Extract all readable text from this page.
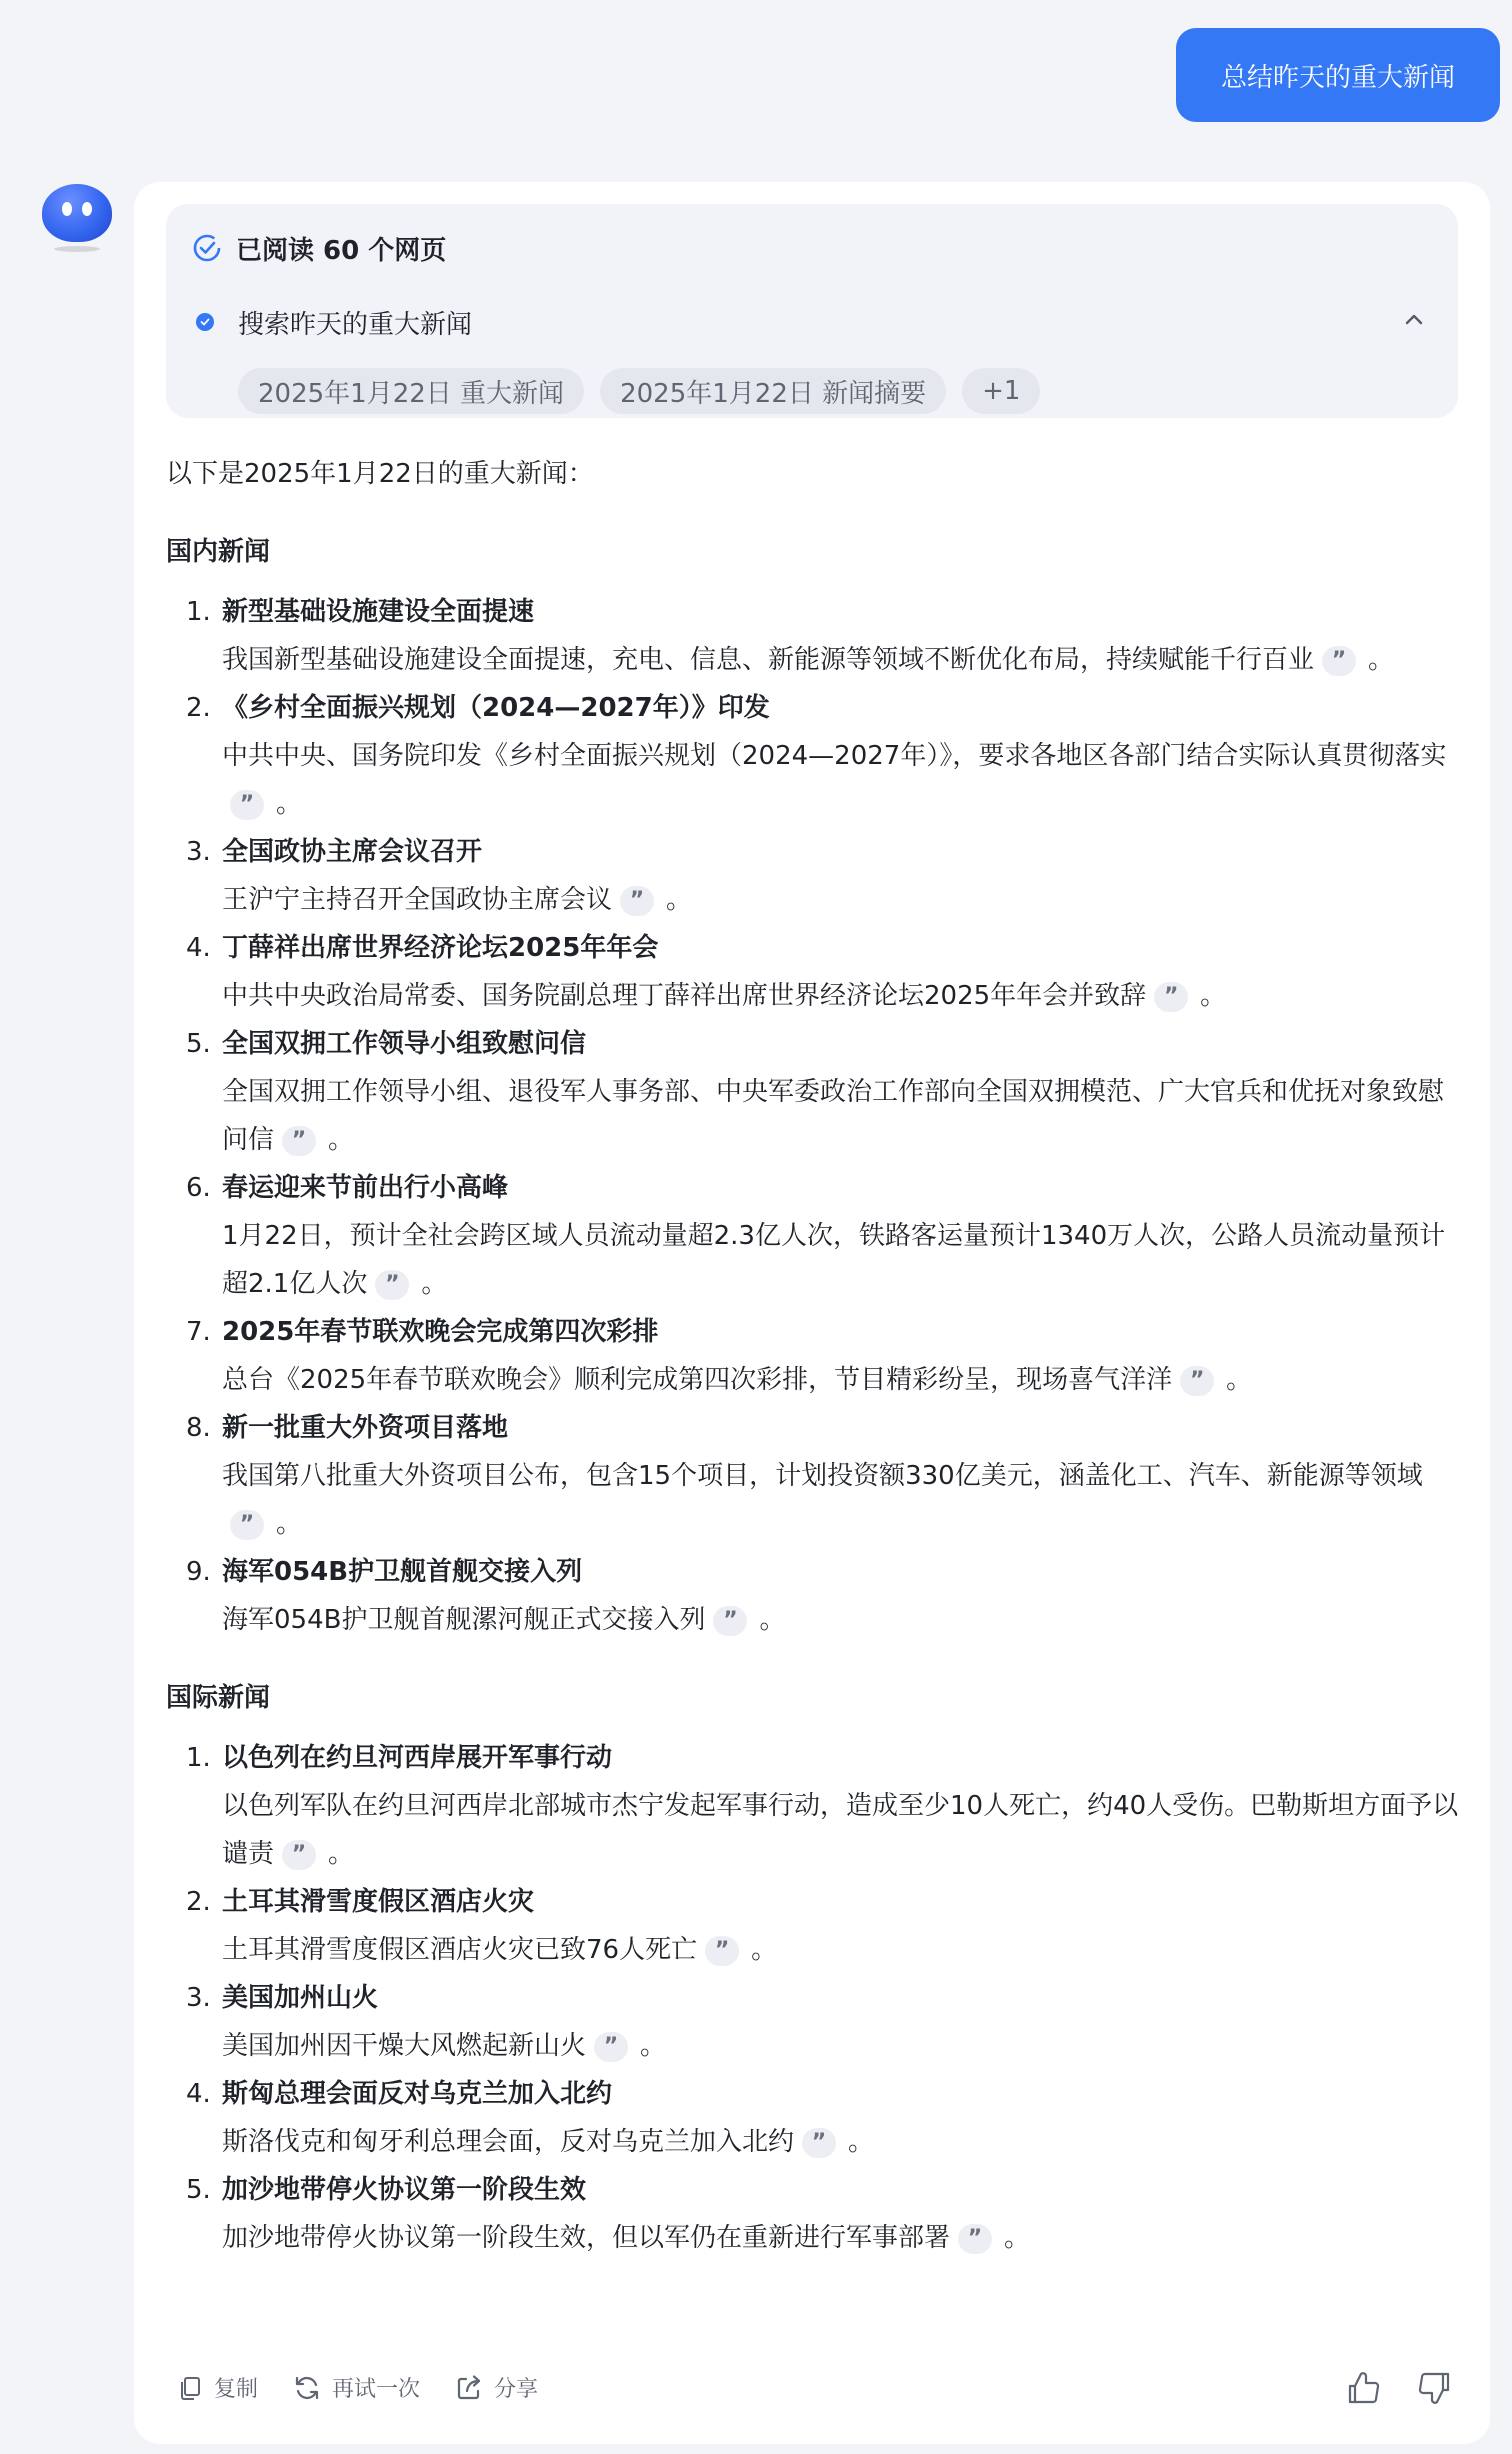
总结昨天的重大新闻
已阅读 60 个网页
搜索昨天的重大新闻
2025年1月22日 重大新闻	2025年1月22日 新闻摘要	+1

以下是2025年1月22日的重大新闻：

国内新闻
1. 新型基础设施建设全面提速
我国新型基础设施建设全面提速，充电、信息、新能源等领域不断优化布局，持续赋能千行百业 ” 。
2. 《乡村全面振兴规划（2024—2027年）》印发
中共中央、国务院印发《乡村全面振兴规划（2024—2027年）》，要求各地区各部门结合实际认真贯彻落实” 。
3. 全国政协主席会议召开
王沪宁主持召开全国政协主席会议 ” 。
4. 丁薛祥出席世界经济论坛2025年年会
中共中央政治局常委、国务院副总理丁薛祥出席世界经济论坛2025年年会并致辞 ” 。
5. 全国双拥工作领导小组致慰问信
全国双拥工作领导小组、退役军人事务部、中央军委政治工作部向全国双拥模范、广大官兵和优抚对象致慰问信 ” 。
6. 春运迎来节前出行小高峰
1月22日，预计全社会跨区域人员流动量超2.3亿人次，铁路客运量预计1340万人次，公路人员流动量预计超2.1亿人次 ” 。
7. 2025年春节联欢晚会完成第四次彩排
总台《2025年春节联欢晚会》顺利完成第四次彩排，节目精彩纷呈，现场喜气洋洋 ” 。
8. 新一批重大外资项目落地
我国第八批重大外资项目公布，包含15个项目，计划投资额330亿美元，涵盖化工、汽车、新能源等领域” 。
9. 海军054B护卫舰首舰交接入列
海军054B护卫舰首舰漯河舰正式交接入列 ” 。
国际新闻
1. 以色列在约旦河西岸展开军事行动
以色列军队在约旦河西岸北部城市杰宁发起军事行动，造成至少10人死亡，约40人受伤。巴勒斯坦方面予以谴责 ” 。
2. 土耳其滑雪度假区酒店火灾
土耳其滑雪度假区酒店火灾已致76人死亡 ” 。
3. 美国加州山火
美国加州因干燥大风燃起新山火 ” 。
4. 斯匈总理会面反对乌克兰加入北约
斯洛伐克和匈牙利总理会面，反对乌克兰加入北约 ” 。
5. 加沙地带停火协议第一阶段生效
加沙地带停火协议第一阶段生效，但以军仍在重新进行军事部署 ” 。
复制	再试一次	分享
